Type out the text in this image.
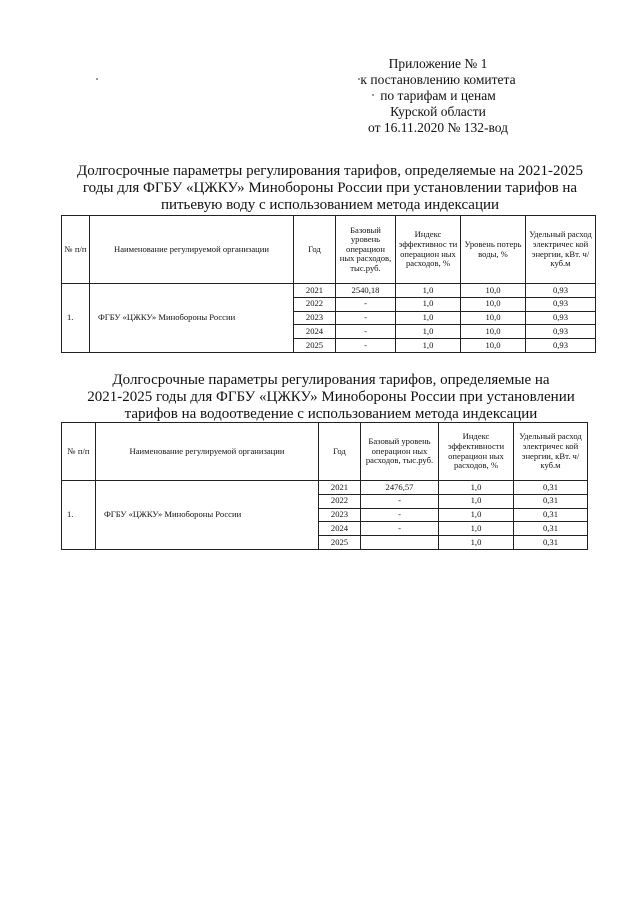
Приложение № 1
к постановлению комитета
по тарифам и ценам
Курской области
от 16.11.2020 № 132-вод
Долгосрочные параметры регулирования тарифов, определяемые на 2021-2025
годы для ФГБУ «ЦЖКУ» Минобороны России при установлении тарифов на
питьевую воду с использованием метода индексации
№ п/п	Наименование регулируемой организации	Год	Базовый уровень операцион ных расходов, тыс.руб.	Индекс эффективнос ти операцион ных расходов, %	Уровень потерь воды, %	Удельный расход электричес кой энергии, кВт. ч/куб.м
1.	ФГБУ «ЦЖКУ» Минобороны России	2021	2540,18	1,0	10,0	0,93
		2022	-	1,0	10,0	0,93
		2023	-	1,0	10,0	0,93
		2024	-	1,0	10,0	0,93
		2025	-	1,0	10,0	0,93
Долгосрочные параметры регулирования тарифов, определяемые на
2021-2025 годы для ФГБУ «ЦЖКУ» Минобороны России при установлении
тарифов на водоотведение с использованием метода индексации
№ п/п	Наименование регулируемой организации	Год	Базовый уровень операцион ных расходов, тыс.руб.	Индекс эффективности операцион ных расходов, %	Удельный расход электричес кой энергии, кВт. ч/куб.м
1.	ФГБУ «ЦЖКУ» Минобороны России	2021	2476,57	1,0	0,31
		2022	-	1,0	0,31
		2023	-	1,0	0,31
		2024	-	1,0	0,31
		2025		1,0	0,31
